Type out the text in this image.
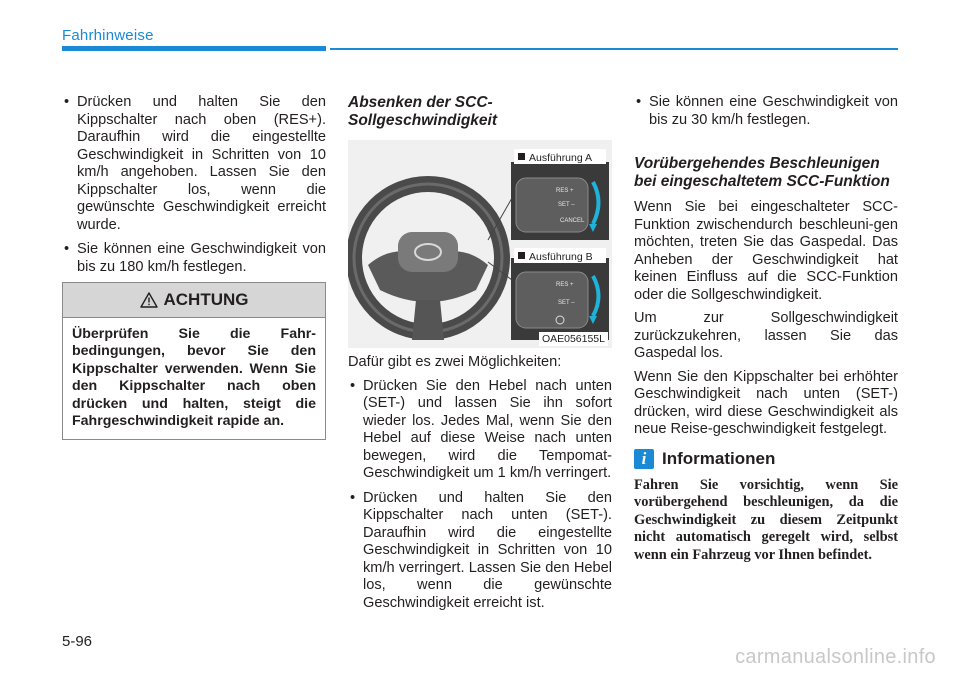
Fahrhinweise
• Drücken und halten Sie den Kippschalter nach oben (RES+). Daraufhin wird die eingestellte Geschwindigkeit in Schritten von 10 km/h angehoben. Lassen Sie den Kippschalter los, wenn die gewünschte Geschwindigkeit erreicht wurde.
• Sie können eine Geschwindigkeit von bis zu 180 km/h festlegen.
ACHTUNG
Überprüfen Sie die Fahr-bedingungen, bevor Sie den Kippschalter verwenden. Wenn Sie den Kippschalter nach oben drücken und halten, steigt die Fahrgeschwindigkeit rapide an.
Absenken der SCC-Sollgeschwindigkeit
Ausführung A
Ausführung B
RES +
SET –
CANCEL
RES +
SET –
OAE056155L
Dafür gibt es zwei Möglichkeiten:
• Drücken Sie den Hebel nach unten (SET-) und lassen Sie ihn sofort wieder los. Jedes Mal, wenn Sie den Hebel auf diese Weise nach unten bewegen, wird die Tempomat-Geschwindigkeit um 1 km/h verringert.
• Drücken und halten Sie den Kippschalter nach unten (SET-). Daraufhin wird die eingestellte Geschwindigkeit in Schritten von 10 km/h verringert. Lassen Sie den Hebel los, wenn die gewünschte Geschwindigkeit erreicht ist.
• Sie können eine Geschwindigkeit von bis zu 30 km/h festlegen.
Vorübergehendes Beschleunigen bei eingeschaltetem SCC-Funktion
Wenn Sie bei eingeschalteter SCC-Funktion zwischendurch beschleuni-gen möchten, treten Sie das Gaspedal. Das Anheben der Geschwindigkeit hat keinen Einfluss auf die SCC-Funktion oder die Sollgeschwindigkeit.
Um zur Sollgeschwindigkeit zurückzukehren, lassen Sie das Gaspedal los.
Wenn Sie den Kippschalter bei erhöhter Geschwindigkeit nach unten (SET-) drücken, wird diese Geschwindigkeit als neue Reise-geschwindigkeit festgelegt.
i Informationen
Fahren Sie vorsichtig, wenn Sie vorübergehend beschleunigen, da die Geschwindigkeit zu diesem Zeitpunkt nicht automatisch geregelt wird, selbst wenn ein Fahrzeug vor Ihnen befindet.
5-96
carmanualsonline.info
